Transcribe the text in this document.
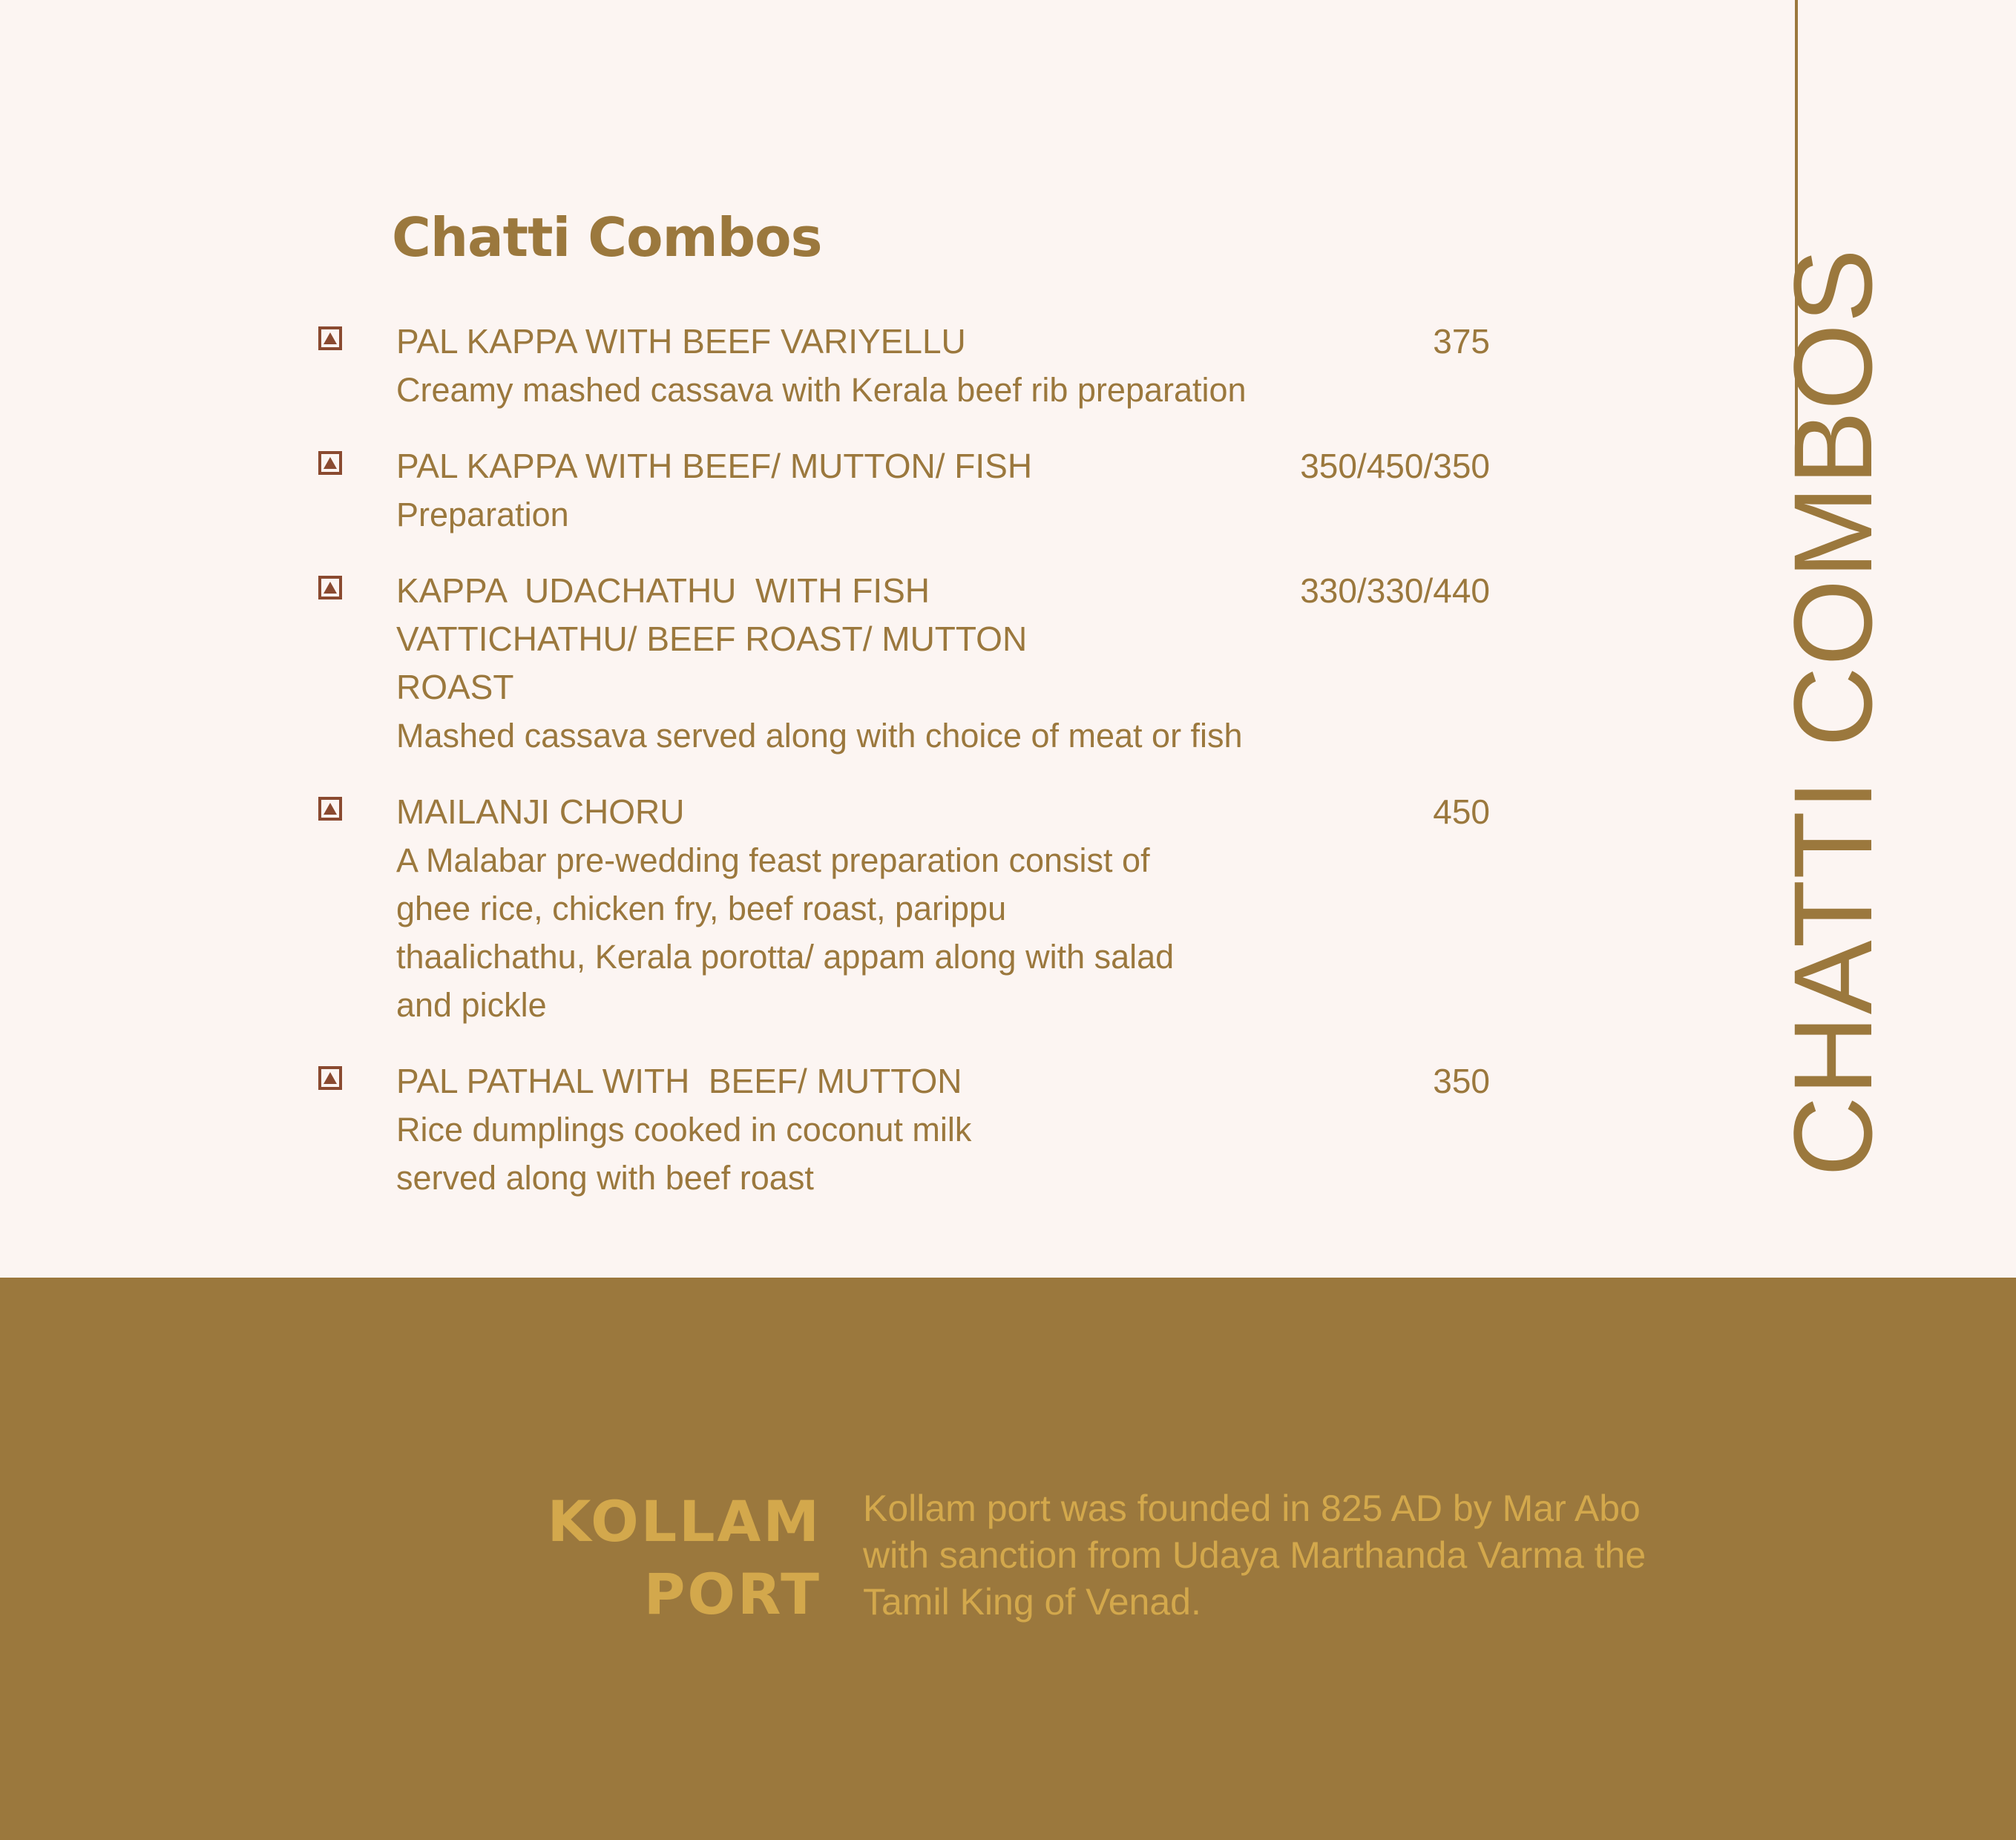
Chatti Combos
PAL KAPPA WITH BEEF VARIYELLU
Creamy mashed cassava with Kerala beef rib preparation
375
PAL KAPPA WITH BEEF/ MUTTON/ FISH
Preparation
350/450/350
KAPPA  UDACHATHU  WITH FISH VATTICHATHU/ BEEF ROAST/ MUTTON ROAST
Mashed cassava served along with choice of meat or fish
330/330/440
MAILANJI CHORU
A Malabar pre-wedding feast preparation consist of ghee rice, chicken fry, beef roast, parippu thaalichathu, Kerala porotta/ appam along with salad and pickle
450
PAL PATHAL WITH  BEEF/ MUTTON
Rice dumplings cooked in coconut milk served along with beef roast
350	CHATTI COMBOS
KOLLAM
PORT
Kollam port was founded in 825 AD by Mar Abo with sanction from Udaya Marthanda Varma the Tamil King of Venad.
